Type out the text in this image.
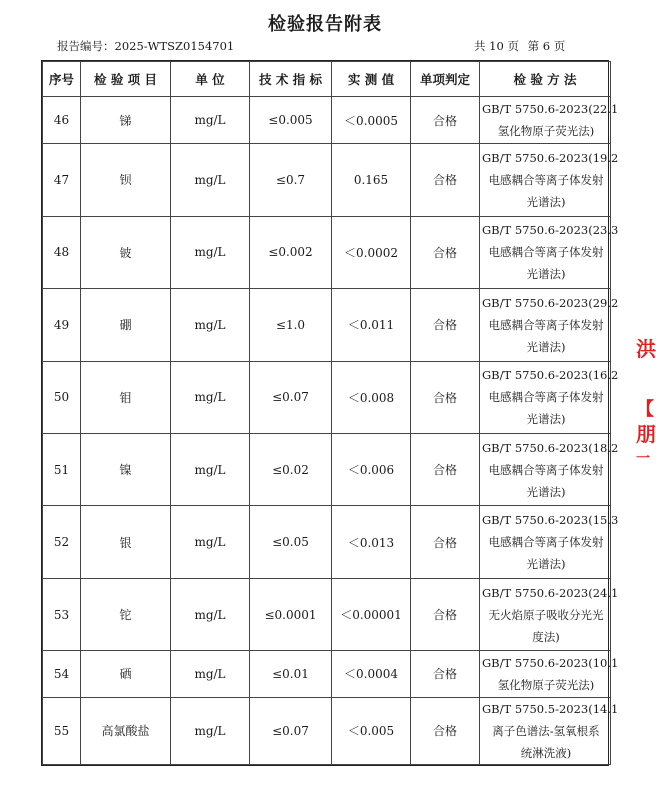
检验报告附表
报告编号：2025-WTSZ0154701	共 10 页 第 6 页
序号	检 验 项 目	单 位	技 术 指 标	实 测 值	单项判定	检 验 方 法
46	锑	mg/L	≤0.005	＜0.0005	合格	GB/T 5750.6-2023(22.1
氢化物原子荧光法)

47	钡	mg/L	≤0.7	0.165	合格	GB/T 5750.6-2023(19.2
电感耦合等离子体发射
光谱法)

48	铍	mg/L	≤0.002	＜0.0002	合格	GB/T 5750.6-2023(23.3
电感耦合等离子体发射
光谱法)

49	硼	mg/L	≤1.0	＜0.011	合格	GB/T 5750.6-2023(29.2
电感耦合等离子体发射
光谱法)

50	钼	mg/L	≤0.07	＜0.008	合格	GB/T 5750.6-2023(16.2
电感耦合等离子体发射
光谱法)

51	镍	mg/L	≤0.02	＜0.006	合格	GB/T 5750.6-2023(18.2
电感耦合等离子体发射
光谱法)

52	银	mg/L	≤0.05	＜0.013	合格	GB/T 5750.6-2023(15.3
电感耦合等离子体发射
光谱法)

53	铊	mg/L	≤0.0001	＜0.00001	合格	GB/T 5750.6-2023(24.1
无火焰原子吸收分光光
度法)

54	硒	mg/L	≤0.01	＜0.0004	合格	GB/T 5750.6-2023(10.1
氢化物原子荧光法)

55	高氯酸盐	mg/L	≤0.07	＜0.005	合格	GB/T 5750.5-2023(14.1
离子色谱法-氢氧根系
统淋洗液)
洪
【
朋
一
